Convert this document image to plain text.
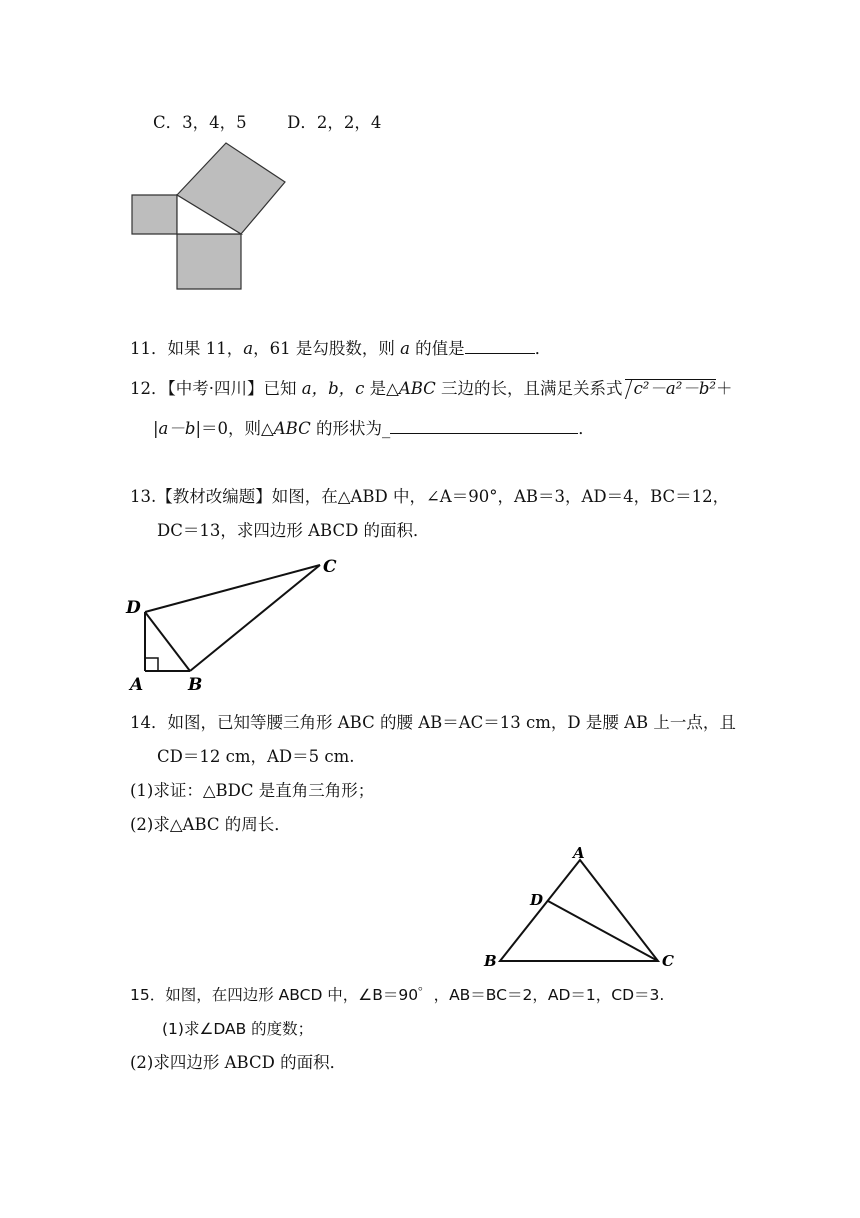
C．3，4，5 D．2，2，4
11．如果 11，a，61 是勾股数，则 a 的值是	．
12．【中考·四川】已知 a，b，c 是△ABC 三边的长，且满足关系式 c²－a²－b²＋
|a－b|＝0，则△ABC 的形状为_	．
13.【教材改编题】如图，在△ABD 中，∠A＝90°，AB＝3，AD＝4，BC＝12，
DC＝13，求四边形 ABCD 的面积．
C
D
A	B
14．如图，已知等腰三角形 ABC 的腰 AB＝AC＝13 cm，D 是腰 AB 上一点，且
CD＝12 cm，AD＝5 cm.
(1)求证：△BDC 是直角三角形；
(2)求△ABC 的周长．
A
D
B	C
15．如图，在四边形 ABCD 中，∠B＝90゜，AB＝BC＝2，AD＝1，CD＝3.
(1)求∠DAB 的度数；
(2)求四边形 ABCD 的面积．
